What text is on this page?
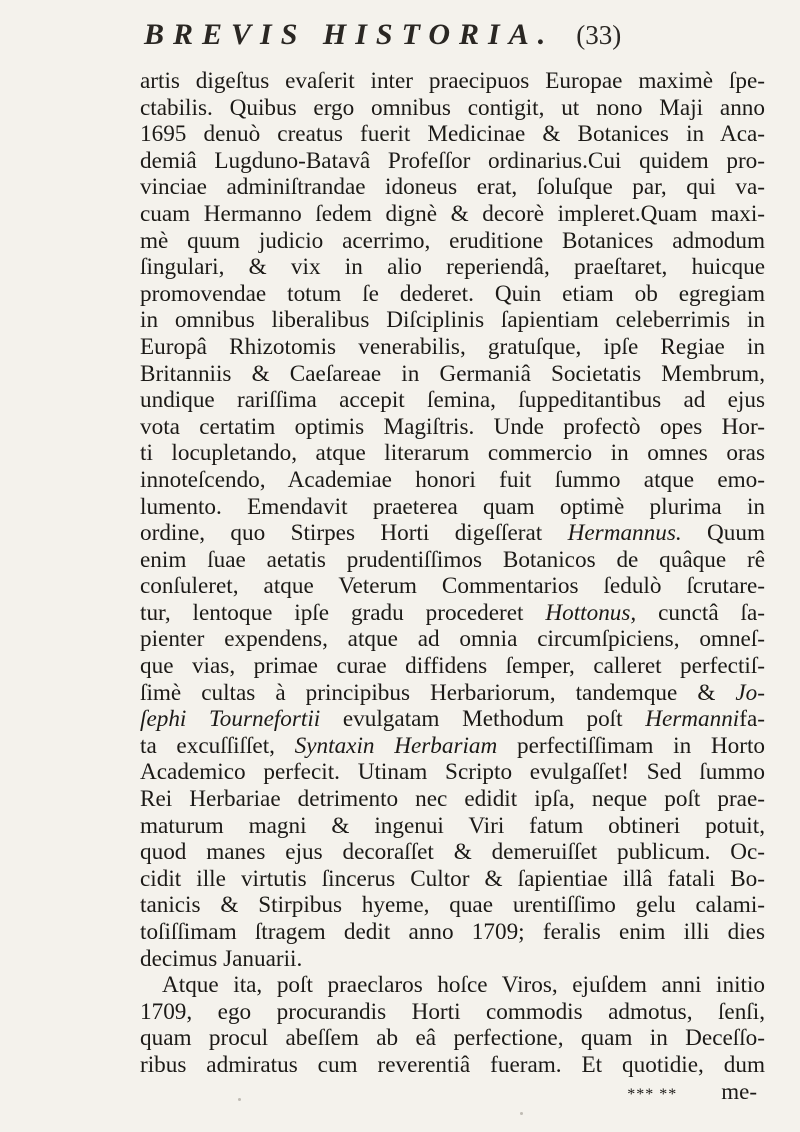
BREVIS HISTORIA. (33)
artis digeſtus evaſerit inter praecipuos Europae maximè ſpe-
ctabilis. Quibus ergo omnibus contigit, ut nono Maji anno
1695 denuò creatus fuerit Medicinae & Botanices in Aca-
demiâ Lugduno-Batavâ Profeſſor ordinarius.Cui quidem pro-
vinciae adminiſtrandae idoneus erat, ſoluſque par, qui va-
cuam Hermanno ſedem dignè & decorè impleret.Quam maxi-
mè quum judicio acerrimo, eruditione Botanices admodum
ſingulari, & vix in alio reperiendâ, praeſtaret, huicque
promovendae totum ſe dederet. Quin etiam ob egregiam
in omnibus liberalibus Diſciplinis ſapientiam celeberrimis in
Europâ Rhizotomis venerabilis, gratuſque, ipſe Regiae in
Britanniis & Caeſareae in Germaniâ Societatis Membrum,
undique rariſſima accepit ſemina, ſuppeditantibus ad ejus
vota certatim optimis Magiſtris. Unde profectò opes Hor-
ti locupletando, atque literarum commercio in omnes oras
innoteſcendo, Academiae honori fuit ſummo atque emo-
lumento. Emendavit praeterea quam optimè plurima in
ordine, quo Stirpes Horti digeſſerat Hermannus. Quum
enim ſuae aetatis prudentiſſimos Botanicos de quâque rê
conſuleret, atque Veterum Commentarios ſedulò ſcrutare-
tur, lentoque ipſe gradu procederet Hottonus, cunctâ ſa-
pienter expendens, atque ad omnia circumſpiciens, omneſ-
que vias, primae curae diffidens ſemper, calleret perfectiſ-
ſimè cultas à principibus Herbariorum, tandemque & Jo-
ſephi Tournefortii evulgatam Methodum poſt Hermannifa-
ta excuſſiſſet, Syntaxin Herbariam perfectiſſimam in Horto
Academico perfecit. Utinam Scripto evulgaſſet! Sed ſummo
Rei Herbariae detrimento nec edidit ipſa, neque poſt prae-
maturum magni & ingenui Viri fatum obtineri potuit,
quod manes ejus decoraſſet & demeruiſſet publicum. Oc-
cidit ille virtutis ſincerus Cultor & ſapientiae illâ fatali Bo-
tanicis & Stirpibus hyeme, quae urentiſſimo gelu calami-
toſiſſimam ſtragem dedit anno 1709; feralis enim illi dies
decimus Januarii.
Atque ita, poſt praeclaros hoſce Viros, ejuſdem anni initio
1709, ego procurandis Horti commodis admotus, ſenſi,
quam procul abeſſem ab eâ perfectione, quam in Deceſſo-
ribus admiratus cum reverentiâ fueram. Et quotidie, dum
*** ** me-
